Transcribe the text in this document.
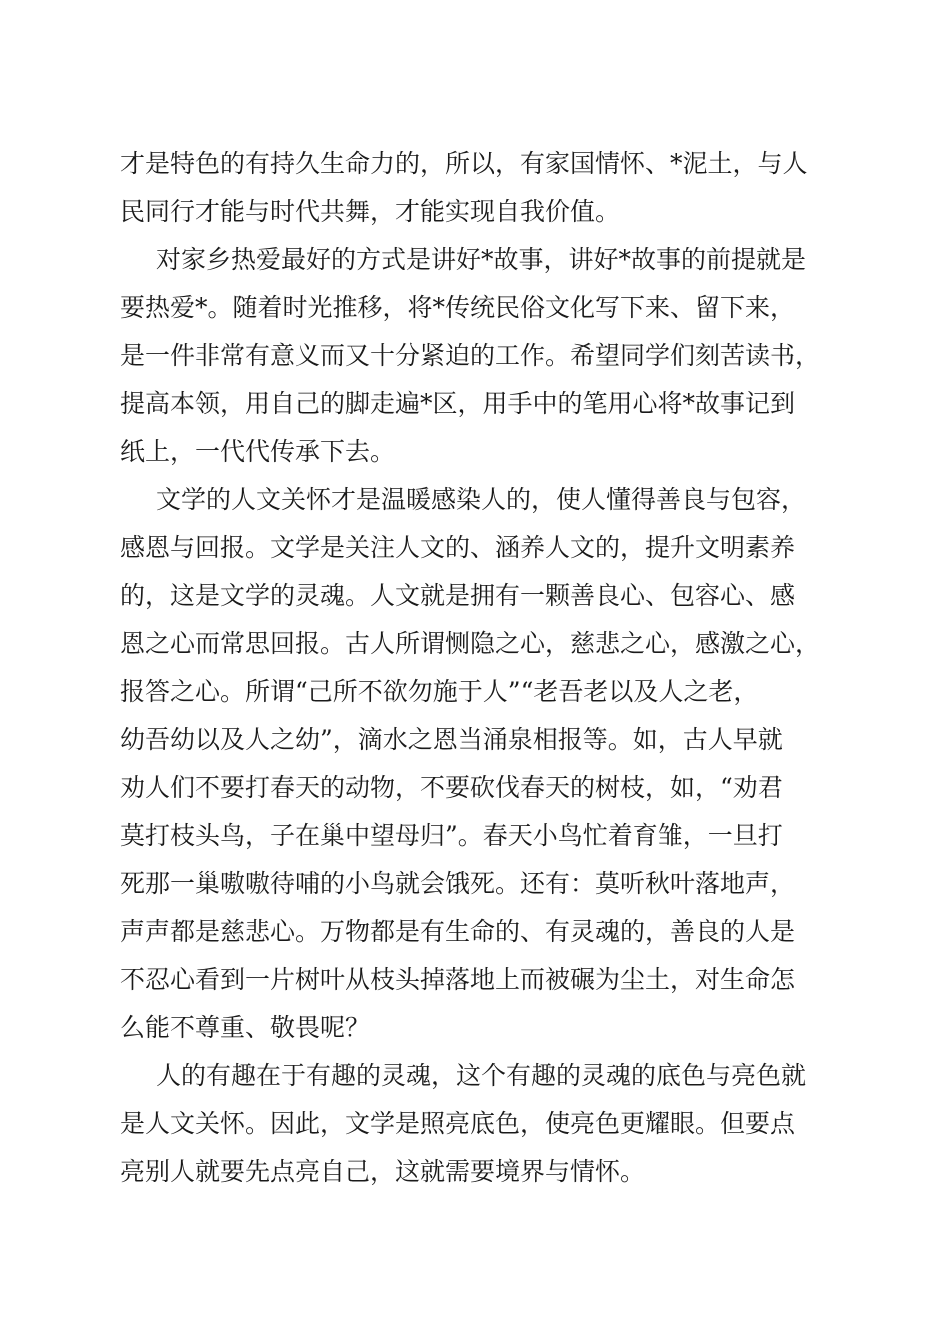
才是特色的有持久生命力的，所以，有家国情怀、*泥土，与人
民同行才能与时代共舞，才能实现自我价值。
对家乡热爱最好的方式是讲好*故事，讲好*故事的前提就是
要热爱*。随着时光推移，将*传统民俗文化写下来、留下来，
是一件非常有意义而又十分紧迫的工作。希望同学们刻苦读书，
提高本领，用自己的脚走遍*区，用手中的笔用心将*故事记到
纸上，一代代传承下去。
文学的人文关怀才是温暖感染人的，使人懂得善良与包容，
感恩与回报。文学是关注人文的、涵养人文的，提升文明素养
的，这是文学的灵魂。人文就是拥有一颗善良心、包容心、感
恩之心而常思回报。古人所谓恻隐之心，慈悲之心，感激之心，
报答之心。所谓“己所不欲勿施于人”“老吾老以及人之老，
幼吾幼以及人之幼”，滴水之恩当涌泉相报等。如，古人早就
劝人们不要打春天的动物，不要砍伐春天的树枝，如，“劝君
莫打枝头鸟，子在巢中望母归”。春天小鸟忙着育雏，一旦打
死那一巢嗷嗷待哺的小鸟就会饿死。还有：莫听秋叶落地声，
声声都是慈悲心。万物都是有生命的、有灵魂的，善良的人是
不忍心看到一片树叶从枝头掉落地上而被碾为尘土，对生命怎
么能不尊重、敬畏呢？
人的有趣在于有趣的灵魂，这个有趣的灵魂的底色与亮色就
是人文关怀。因此，文学是照亮底色，使亮色更耀眼。但要点
亮别人就要先点亮自己，这就需要境界与情怀。
